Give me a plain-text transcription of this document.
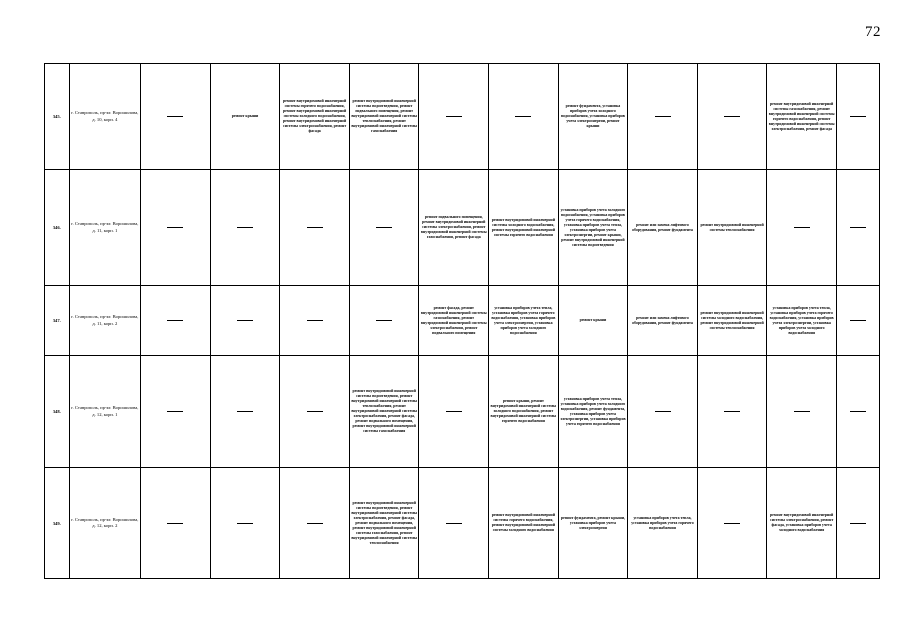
72
345.	г. Ставрополь, пр-кт. Ворошилова, д. 10, корп. 4		ремонт крыши	ремонт внутридомовой инженерной системы горячего водоснабжения, ремонт внутридомовой инженерной системы холодного водоснабжения, ремонт внутридомовой инженерной системы электроснабжения, ремонт фасада	ремонт внутридомовой инженерной системы водоотведения, ремонт подвального помещения, ремонт внутридомовой инженерной системы теплоснабжения, ремонт внутридомовой инженерной системы газоснабжения			ремонт фундамента, установка приборов учета холодного водоснабжения, установка приборов учета электроэнергии, ремонт крыши			ремонт внутридомовой инженерной системы газоснабжения, ремонт внутридомовой инженерной системы горячего водоснабжения, ремонт внутридомовой инженерной системы электроснабжения, ремонт фасада	
346.	г. Ставрополь, пр-кт. Ворошилова, д. 11, корп. 1					ремонт подвального помещения, ремонт внутридомовой инженерной системы электроснабжения, ремонт внутридомовой инженерной системы газоснабжения, ремонт фасада	ремонт внутридомовой инженерной системы холодного водоснабжения, ремонт внутридомовой инженерной системы горячего водоснабжения	установка приборов учета холодного водоснабжения, установка приборов учета горячего водоснабжения, установка приборов учета тепла, установка приборов учета электроэнергии, ремонт крыши, ремонт внутридомовой инженерной системы водоотведения	ремонт или замена лифтового оборудования, ремонт фундамента	ремонт внутридомовой инженерной системы теплоснабжения		
347.	г. Ставрополь, пр-кт. Ворошилова, д. 11, корп. 2					ремонт фасада, ремонт внутридомовой инженерной системы газоснабжения, ремонт внутридомовой инженерной системы электроснабжения, ремонт подвального помещения	установка приборов учета тепла, установка приборов учета горячего водоснабжения, установка приборов учета электроэнергии, установка приборов учета холодного водоснабжения	ремонт крыши	ремонт или замена лифтового оборудования, ремонт фундамента	ремонт внутридомовой инженерной системы холодного водоснабжения, ремонт внутридомовой инженерной системы теплоснабжения	установка приборов учета тепла, установка приборов учета горячего водоснабжения, установка приборов учета электроэнергии, установка приборов учета холодного водоснабжения	
348.	г. Ставрополь, пр-кт. Ворошилова, д. 12, корп. 1				ремонт внутридомовой инженерной системы водоотведения, ремонт внутридомовой инженерной системы теплоснабжения, ремонт внутридомовой инженерной системы электроснабжения, ремонт фасада, ремонт подвального помещения, ремонт внутридомовой инженерной системы газоснабжения		ремонт крыши, ремонт внутридомовой инженерной системы холодного водоснабжения, ремонт внутридомовой инженерной системы горячего водоснабжения	установка приборов учета тепла, установка приборов учета холодного водоснабжения, ремонт фундамента, установка приборов учета электроэнергии, установка приборов учета горячего водоснабжения				
349.	г. Ставрополь, пр-кт. Ворошилова, д. 12, корп. 2				ремонт внутридомовой инженерной системы водоотведения, ремонт внутридомовой инженерной системы электроснабжения, ремонт фасада, ремонт подвального помещения, ремонт внутридомовой инженерной системы газоснабжения, ремонт внутридомовой инженерной системы теплоснабжения		ремонт внутридомовой инженерной системы горячего водоснабжения, ремонт внутридомовой инженерной системы холодного водоснабжения	ремонт фундамента, ремонт крыши, установка приборов учета электроэнергии	установка приборов учета тепла, установка приборов учета горячего водоснабжения		ремонт внутридомовой инженерной системы электроснабжения, ремонт фасада, установка приборов учета холодного водоснабжения	
